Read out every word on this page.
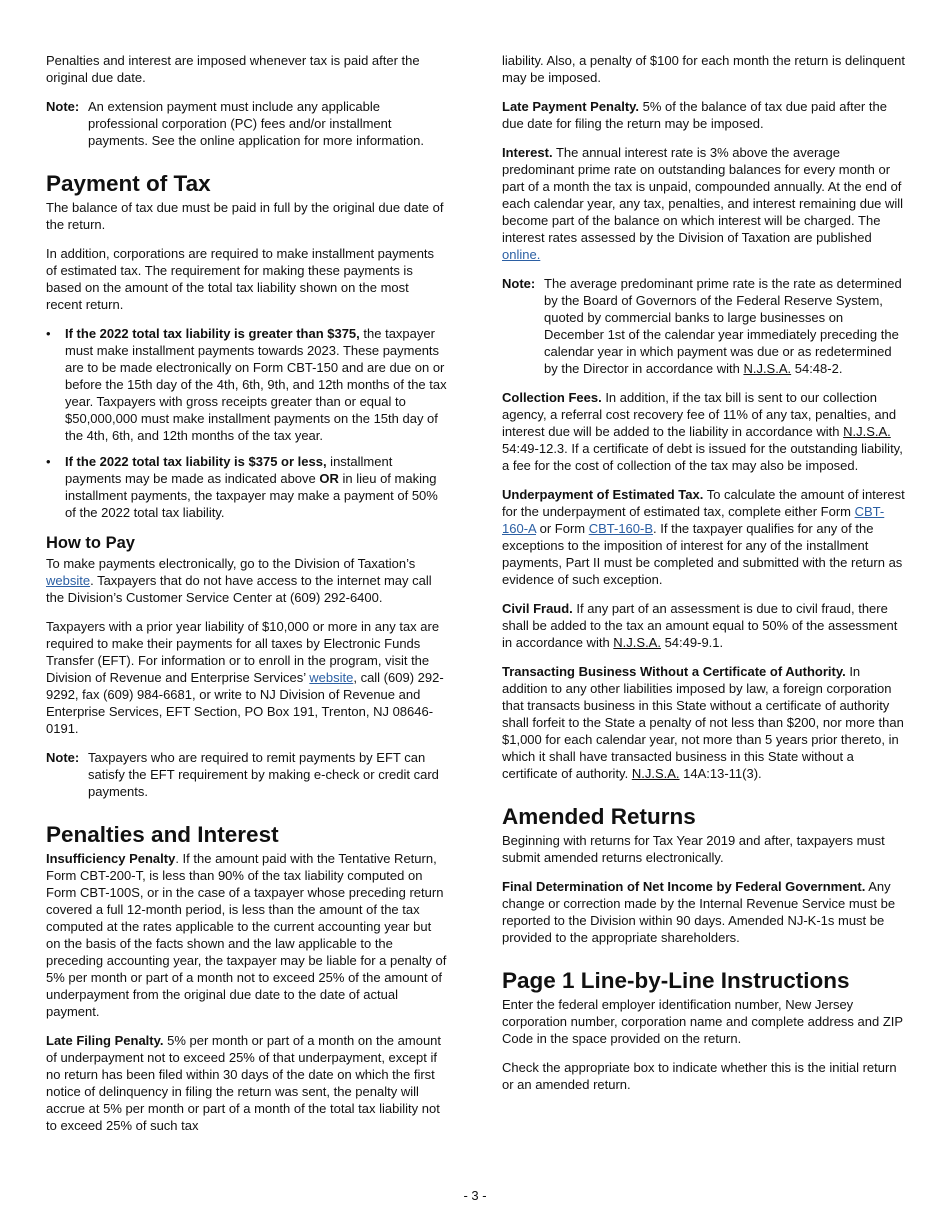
Penalties and interest are imposed whenever tax is paid after the original due date.

Note: An extension payment must include any applicable professional corporation (PC) fees and/or installment payments. See the online application for more information.
Payment of Tax

The balance of tax due must be paid in full by the original due date of the return.

In addition, corporations are required to make installment payments of estimated tax. The requirement for making these payments is based on the amount of the total tax liability shown on the most recent return.

• If the 2022 total tax liability is greater than $375, the taxpayer must make installment payments towards 2023. These payments are to be made electronically on Form CBT-150 and are due on or before the 15th day of the 4th, 6th, 9th, and 12th months of the tax year. Taxpayers with gross receipts greater than or equal to $50,000,000 must make installment payments on the 15th day of the 4th, 6th, and 12th months of the tax year.
• If the 2022 total tax liability is $375 or less, installment payments may be made as indicated above OR in lieu of making installment payments, the taxpayer may make a payment of 50% of the 2022 total tax liability.
How to Pay

To make payments electronically, go to the Division of Taxation’s website. Taxpayers that do not have access to the internet may call the Division’s Customer Service Center at (609) 292-6400.

Taxpayers with a prior year liability of $10,000 or more in any tax are required to make their payments for all taxes by Electronic Funds Transfer (EFT). For information or to enroll in the program, visit the Division of Revenue and Enterprise Services’ website, call (609) 292-9292, fax (609) 984-6681, or write to NJ Division of Revenue and Enterprise Services, EFT Section, PO Box 191, Trenton, NJ 08646-0191.

Note: Taxpayers who are required to remit payments by EFT can satisfy the EFT requirement by making e-check or credit card payments.
Penalties and Interest

Insufficiency Penalty. If the amount paid with the Tentative Return, Form CBT-200-T, is less than 90% of the tax liability computed on Form CBT-100S, or in the case of a taxpayer whose preceding return covered a full 12-month period, is less than the amount of the tax computed at the rates applicable to the current accounting year but on the basis of the facts shown and the law applicable to the preceding accounting year, the taxpayer may be liable for a penalty of 5% per month or part of a month not to exceed 25% of the amount of underpayment from the original due date to the date of actual payment.

Late Filing Penalty. 5% per month or part of a month on the amount of underpayment not to exceed 25% of that underpayment, except if no return has been filed within 30 days of the date on which the first notice of delinquency in filing the return was sent, the penalty will accrue at 5% per month or part of a month of the total tax liability not to exceed 25% of such tax

liability. Also, a penalty of $100 for each month the return is delinquent may be imposed.

Late Payment Penalty. 5% of the balance of tax due paid after the due date for filing the return may be imposed.

Interest. The annual interest rate is 3% above the average predominant prime rate on outstanding balances for every month or part of a month the tax is unpaid, compounded annually. At the end of each calendar year, any tax, penalties, and interest remaining due will become part of the balance on which interest will be charged. The interest rates assessed by the Division of Taxation are published online.

Note: The average predominant prime rate is the rate as determined by the Board of Governors of the Federal Reserve System, quoted by commercial banks to large businesses on December 1st of the calendar year immediately preceding the calendar year in which payment was due or as redetermined by the Director in accordance with N.J.S.A. 54:48-2.

Collection Fees. In addition, if the tax bill is sent to our collection agency, a referral cost recovery fee of 11% of any tax, penalties, and interest due will be added to the liability in accordance with N.J.S.A. 54:49-12.3. If a certificate of debt is issued for the outstanding liability, a fee for the cost of collection of the tax may also be imposed.

Underpayment of Estimated Tax. To calculate the amount of interest for the underpayment of estimated tax, complete either Form CBT-160-A or Form CBT-160-B. If the taxpayer qualifies for any of the exceptions to the imposition of interest for any of the installment payments, Part II must be completed and submitted with the return as evidence of such exception.

Civil Fraud. If any part of an assessment is due to civil fraud, there shall be added to the tax an amount equal to 50% of the assessment in accordance with N.J.S.A. 54:49-9.1.

Transacting Business Without a Certificate of Authority. In addition to any other liabilities imposed by law, a foreign corporation that transacts business in this State without a certificate of authority shall forfeit to the State a penalty of not less than $200, nor more than $1,000 for each calendar year, not more than 5 years prior thereto, in which it shall have transacted business in this State without a certificate of authority. N.J.S.A. 14A:13-11(3).

Amended Returns

Beginning with returns for Tax Year 2019 and after, taxpayers must submit amended returns electronically.

Final Determination of Net Income by Federal Government. Any change or correction made by the Internal Revenue Service must be reported to the Division within 90 days. Amended NJ-K-1s must be provided to the appropriate shareholders.

Page 1 Line-by-Line Instructions

Enter the federal employer identification number, New Jersey corporation number, corporation name and complete address and ZIP Code in the space provided on the return.

Check the appropriate box to indicate whether this is the initial return or an amended return.

- 3 -
